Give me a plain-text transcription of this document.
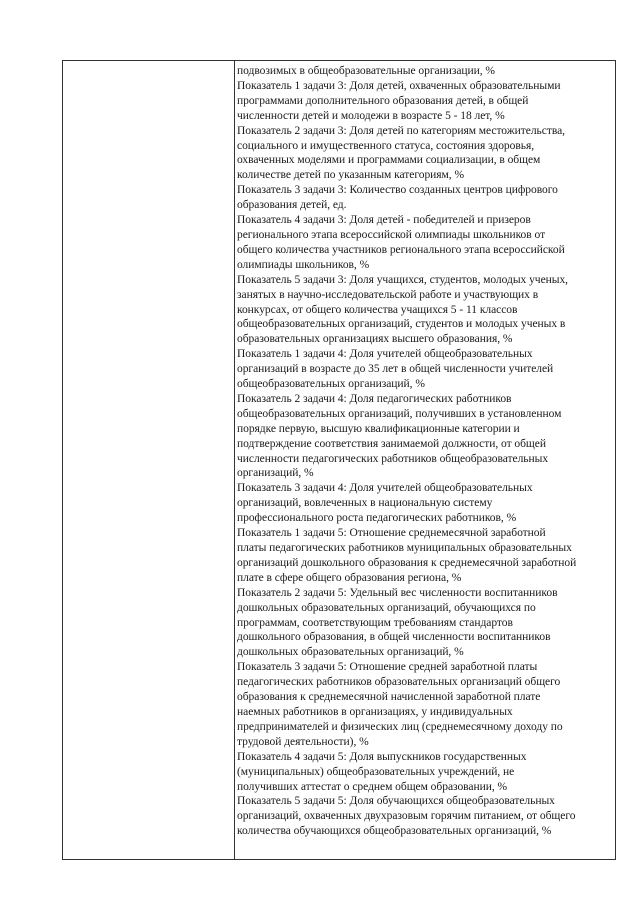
подвозимых в общеобразовательные организации, %

Показатель 1 задачи 3: Доля детей, охваченных образовательными

программами дополнительного образования детей, в общей

численности детей и молодежи в возрасте 5 - 18 лет, %

Показатель 2 задачи 3: Доля детей по категориям местожительства,

социального и имущественного статуса, состояния здоровья,

охваченных моделями и программами социализации, в общем

количестве детей по указанным категориям, %

Показатель 3 задачи 3: Количество созданных центров цифрового

образования детей, ед.

Показатель 4 задачи 3: Доля детей - победителей и призеров

регионального этапа всероссийской олимпиады школьников от

общего количества участников регионального этапа всероссийской

олимпиады школьников, %

Показатель 5 задачи 3: Доля учащихся, студентов, молодых ученых,

занятых в научно-исследовательской работе и участвующих в

конкурсах, от общего количества учащихся 5 - 11 классов

общеобразовательных организаций, студентов и молодых ученых в

образовательных организациях высшего образования, %

Показатель 1 задачи 4: Доля учителей общеобразовательных

организаций в возрасте до 35 лет в общей численности учителей

общеобразовательных организаций, %

Показатель 2 задачи 4: Доля педагогических работников

общеобразовательных организаций, получивших в установленном

порядке первую, высшую квалификационные категории и

подтверждение соответствия занимаемой должности, от общей

численности педагогических работников общеобразовательных

организаций, %

Показатель 3 задачи 4: Доля учителей общеобразовательных

организаций, вовлеченных в национальную систему

профессионального роста педагогических работников, %

Показатель 1 задачи 5: Отношение среднемесячной заработной

платы педагогических работников муниципальных образовательных

организаций дошкольного образования к среднемесячной заработной

плате в сфере общего образования региона, %

Показатель 2 задачи 5: Удельный вес численности воспитанников

дошкольных образовательных организаций, обучающихся по

программам, соответствующим требованиям стандартов

дошкольного образования, в общей численности воспитанников

дошкольных образовательных организаций, %

Показатель 3 задачи 5: Отношение средней заработной платы

педагогических работников образовательных организаций общего

образования к среднемесячной начисленной заработной плате

наемных работников в организациях, у индивидуальных

предпринимателей и физических лиц (среднемесячному доходу по

трудовой деятельности), %

Показатель 4 задачи 5: Доля выпускников государственных

(муниципальных) общеобразовательных учреждений, не

получивших аттестат о среднем общем образовании, %

Показатель 5 задачи 5: Доля обучающихся общеобразовательных

организаций, охваченных двухразовым горячим питанием, от общего

количества обучающихся общеобразовательных организаций, %
